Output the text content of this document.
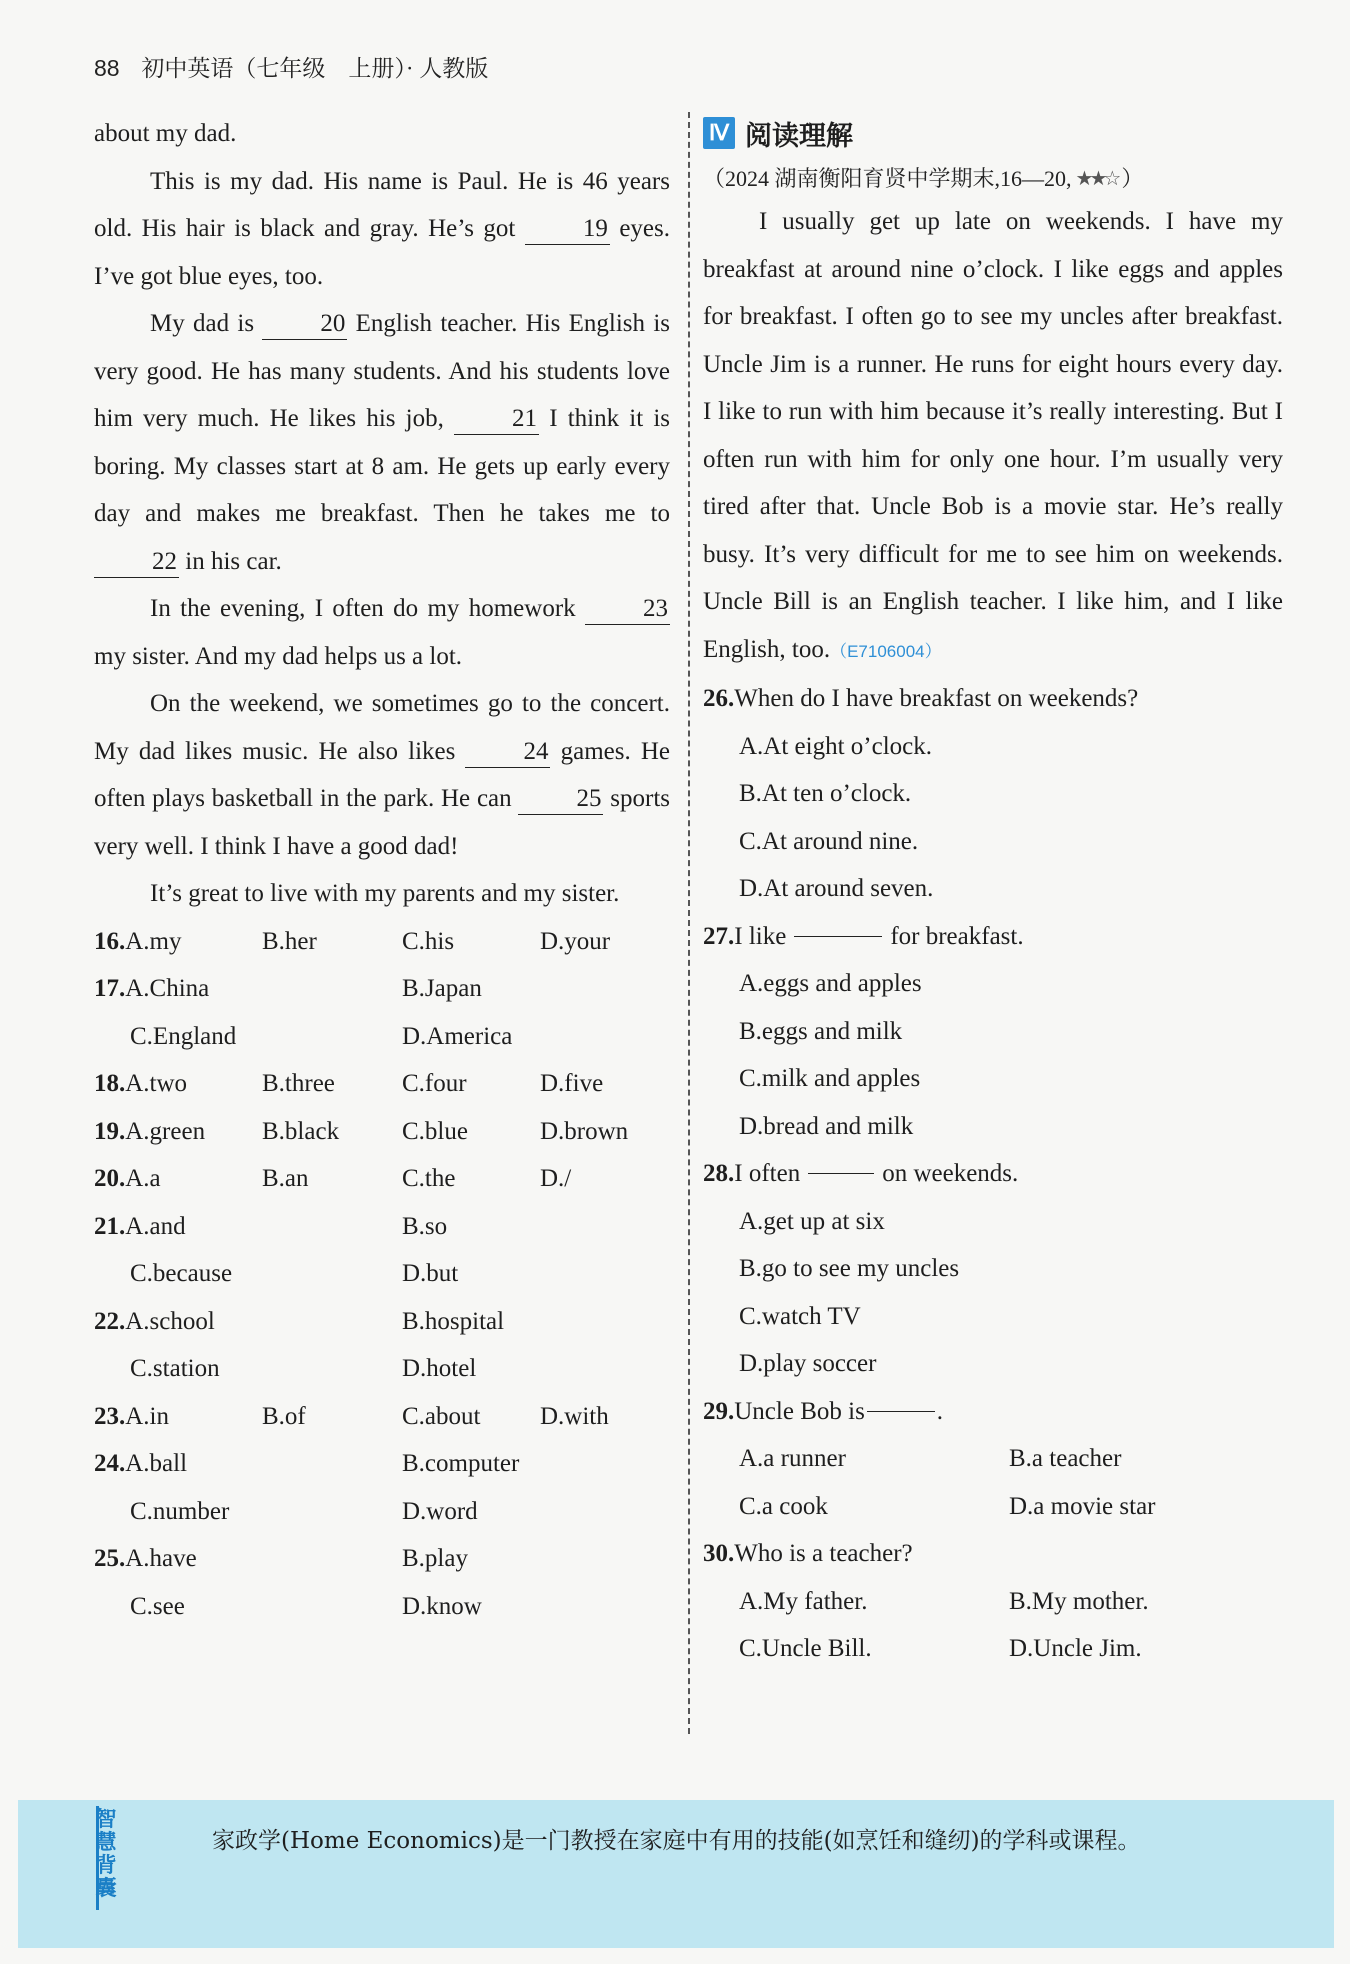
88 初中英语（七年级　上册）· 人教版

about my dad.

This is my dad. His name is Paul. He is 46 years old. His hair is black and gray. He’s got 19 eyes. I’ve got blue eyes, too.

My dad is 20 English teacher. His English is very good. He has many students. And his students love him very much. He likes his job, 21 I think it is boring. My classes start at 8 am. He gets up early every day and makes me breakfast. Then he takes me to 22 in his car.

In the evening, I often do my homework 23 my sister. And my dad helps us a lot.

On the weekend, we sometimes go to the concert. My dad likes music. He also likes 24 games. He often plays basketball in the park. He can 25 sports very well. I think I have a good dad!

It’s great to live with my parents and my sister.

16.A.my	B.her	C.his	D.your
17.A.China	B.Japan
C.England	D.America
18.A.two	B.three	C.four	D.five
19.A.green	B.black	C.blue	D.brown
20.A.a	B.an	C.the	D./
21.A.and	B.so
C.because	D.but
22.A.school	B.hospital
C.station	D.hotel
23.A.in	B.of	C.about	D.with
24.A.ball	B.computer
C.number	D.word
25.A.have	B.play
C.see	D.know
Ⅳ 阅读理解
（2024 湖南衡阳育贤中学期末,16—20, ★★☆ ）

I usually get up late on weekends. I have my breakfast at around nine o’clock. I like eggs and apples for breakfast. I often go to see my uncles after breakfast. Uncle Jim is a runner. He runs for eight hours every day. I like to run with him because it’s really interesting. But I often run with him for only one hour. I’m usually very tired after that. Uncle Bob is a movie star. He’s really busy. It’s very difficult for me to see him on weekends. Uncle Bill is an English teacher. I like him, and I like English, too.（E7106004）

26. When do I have breakfast on weekends?
A.At eight o’clock.
B.At ten o’clock.
C.At around nine.
D.At around seven.
27. I like	for breakfast.
A.eggs and apples
B.eggs and milk
C.milk and apples
D.bread and milk
28. I often	on weekends.
A.get up at six
B.go to see my uncles
C.watch TV
D.play soccer
29. Uncle Bob is	.
A.a runner	B.a teacher
C.a cook	D.a movie star
30. Who is a teacher?
A.My father.	B.My mother.
C.Uncle Bill.	D.Uncle Jim.
智慧背囊
家政学(Home Economics)是一门教授在家庭中有用的技能(如烹饪和缝纫)的学科或课程。
